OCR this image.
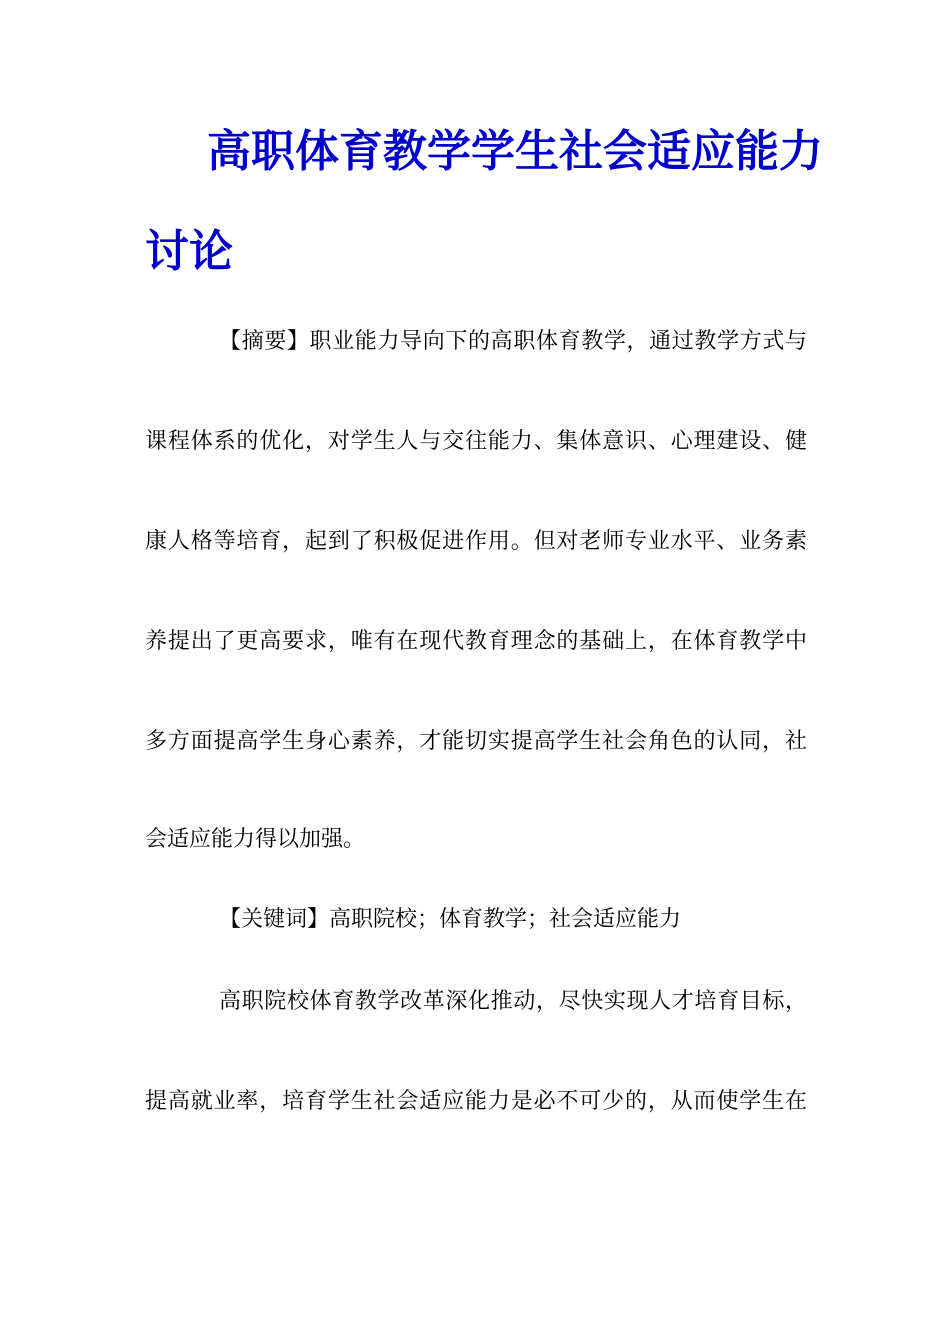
高职体育教学学生社会适应能力
讨论
【摘要】职业能力导向下的高职体育教学，通过教学方式与
课程体系的优化，对学生人与交往能力、集体意识、心理建设、健
康人格等培育，起到了积极促进作用。但对老师专业水平、业务素
养提出了更高要求，唯有在现代教育理念的基础上，在体育教学中
多方面提高学生身心素养，才能切实提高学生社会角色的认同，社
会适应能力得以加强。
【关键词】高职院校；体育教学；社会适应能力
高职院校体育教学改革深化推动，尽快实现人才培育目标，
提高就业率，培育学生社会适应能力是必不可少的，从而使学生在
